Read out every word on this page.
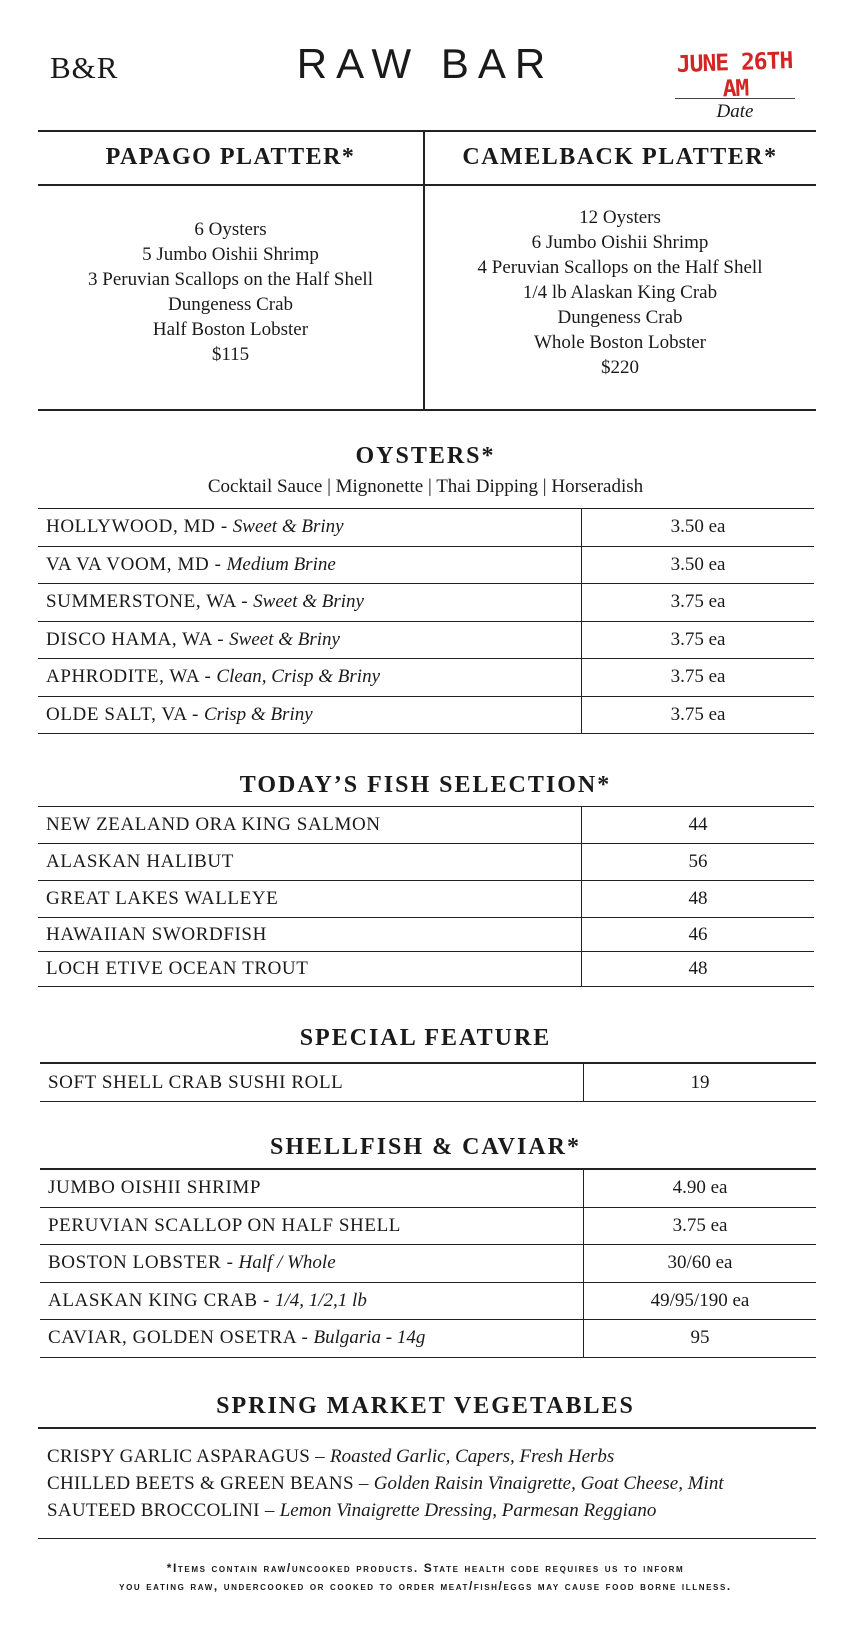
B&R	RAW BAR	JUNE 26TH AM
Date
PAPAGO PLATTER*
6 Oysters
5 Jumbo Oishii Shrimp
3 Peruvian Scallops on the Half Shell
Dungeness Crab
Half Boston Lobster
$115
CAMELBACK PLATTER*
12 Oysters
6 Jumbo Oishii Shrimp
4 Peruvian Scallops on the Half Shell
1/4 lb Alaskan King Crab
Dungeness Crab
Whole Boston Lobster
$220
OYSTERS*
Cocktail Sauce | Mignonette | Thai Dipping | Horseradish
HOLLYWOOD, MD - Sweet & Briny	3.50 ea
VA VA VOOM, MD - Medium Brine	3.50 ea
SUMMERSTONE, WA - Sweet & Briny	3.75 ea
DISCO HAMA, WA - Sweet & Briny	3.75 ea
APHRODITE, WA - Clean, Crisp & Briny	3.75 ea
OLDE SALT, VA - Crisp & Briny	3.75 ea
TODAY’S FISH SELECTION*
NEW ZEALAND ORA KING SALMON	44
ALASKAN HALIBUT	56
GREAT LAKES WALLEYE	48
HAWAIIAN SWORDFISH	46
LOCH ETIVE OCEAN TROUT	48
SPECIAL FEATURE
SOFT SHELL CRAB SUSHI ROLL	19
SHELLFISH & CAVIAR*
JUMBO OISHII SHRIMP	4.90 ea
PERUVIAN SCALLOP ON HALF SHELL	3.75 ea
BOSTON LOBSTER - Half / Whole	30/60 ea
ALASKAN KING CRAB - 1/4, 1/2,1 lb	49/95/190 ea
CAVIAR, GOLDEN OSETRA - Bulgaria - 14g	95
SPRING MARKET VEGETABLES
CRISPY GARLIC ASPARAGUS – Roasted Garlic, Capers, Fresh Herbs
CHILLED BEETS & GREEN BEANS – Golden Raisin Vinaigrette, Goat Cheese, Mint
SAUTEED BROCCOLINI – Lemon Vinaigrette Dressing, Parmesan Reggiano
*Items contain raw/uncooked products. State health code requires us to inform
you eating raw, undercooked or cooked to order meat/fish/eggs may cause food borne illness.
